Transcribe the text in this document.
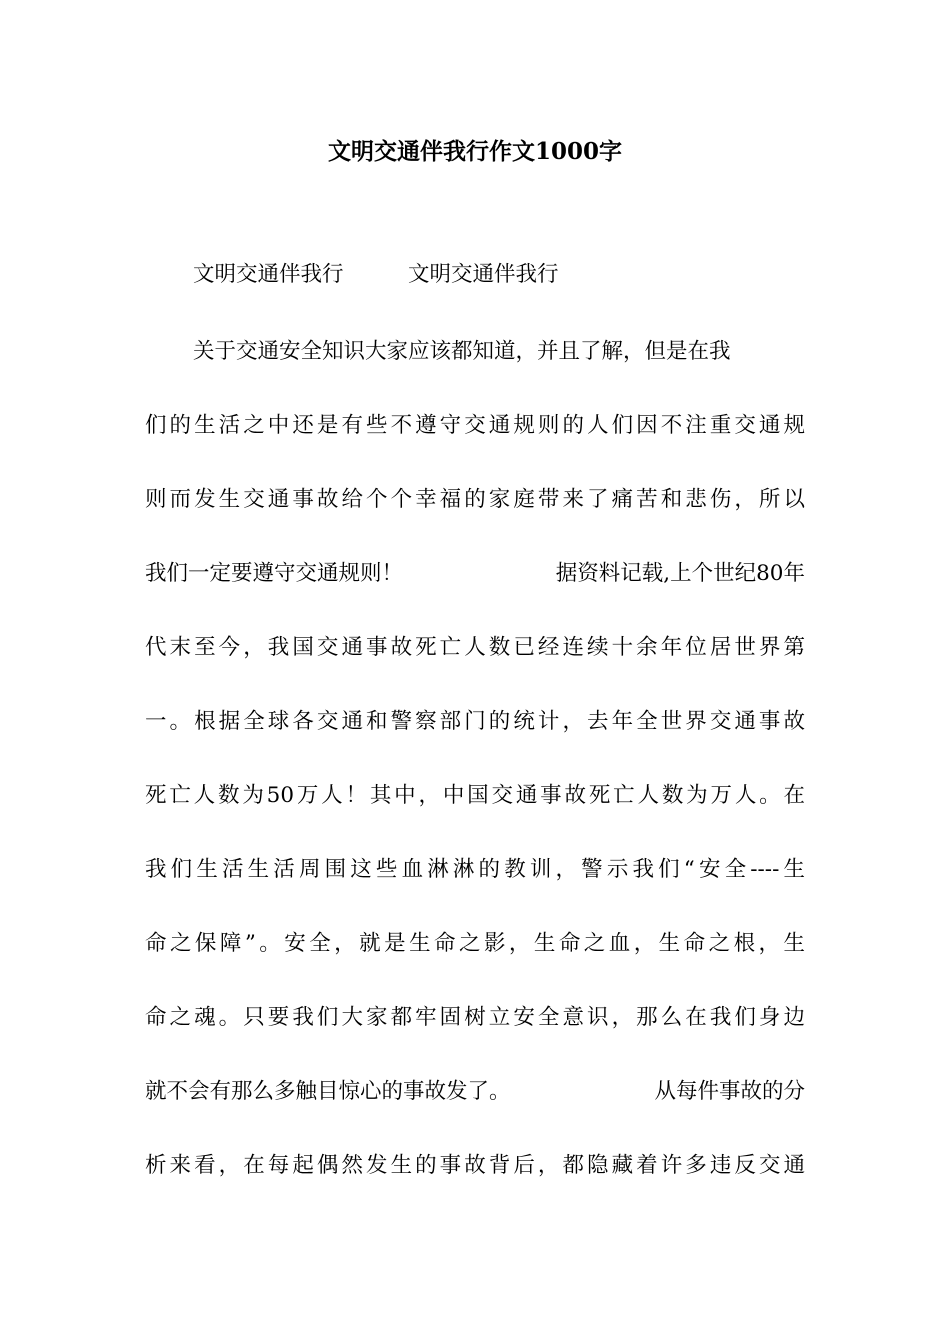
文明交通伴我行作文1000字
文明交通伴我行	文明交通伴我行
关于交通安全知识大家应该都知道，并且了解，但是在我
们的生活之中还是有些不遵守交通规则的人们因不注重交通规
则而发生交通事故给个个幸福的家庭带来了痛苦和悲伤，所以
我们一定要遵守交通规则！	据资料记载,上个世纪80年
代末至今，我国交通事故死亡人数已经连续十余年位居世界第
一。根据全球各交通和警察部门的统计，去年全世界交通事故
死亡人数为50万人！其中，中国交通事故死亡人数为万人。在
我们生活生活周围这些血淋淋的教训，警示我们“安全----生
命之保障”。安全，就是生命之影，生命之血，生命之根，生
命之魂。只要我们大家都牢固树立安全意识，那么在我们身边
就不会有那么多触目惊心的事故发了。	从每件事故的分
析来看，在每起偶然发生的事故背后，都隐藏着许多违反交通
